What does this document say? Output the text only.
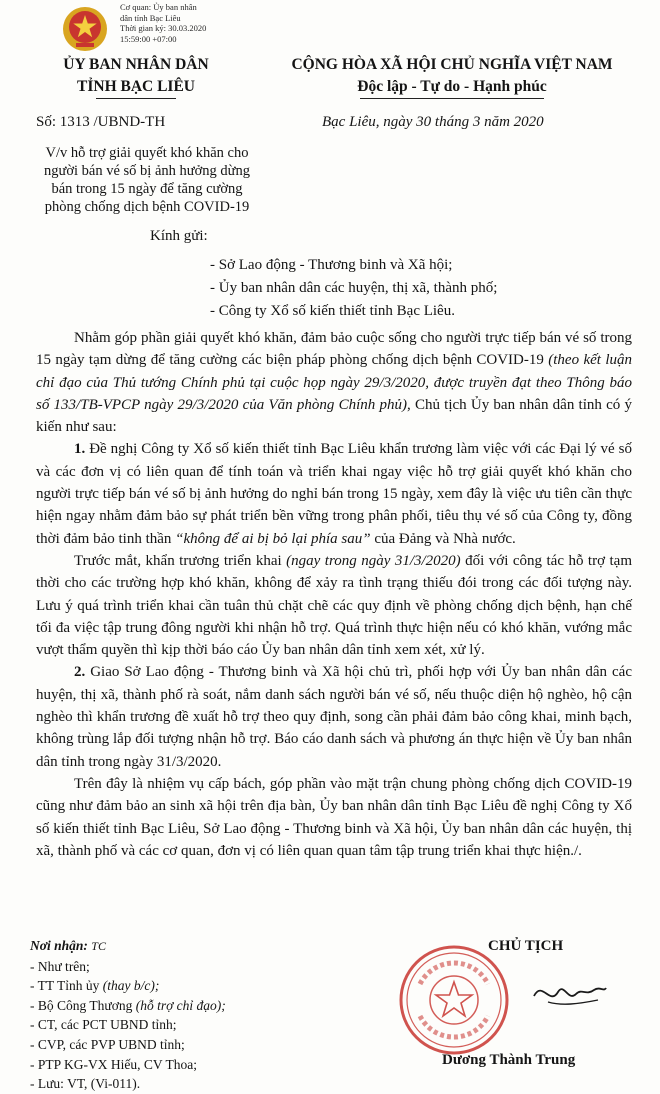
Cơ quan: Ủy ban nhân
dân tỉnh Bạc Liêu
Thời gian ký: 30.03.2020
15:59:00 +07:00
ỦY BAN NHÂN DÂN
TỈNH BẠC LIÊU
CỘNG HÒA XÃ HỘI CHỦ NGHĨA VIỆT NAM
Độc lập - Tự do - Hạnh phúc
Số: 1313 /UBND-TH	Bạc Liêu, ngày 30 tháng 3 năm 2020
V/v hỗ trợ giải quyết khó khăn cho
người bán vé số bị ảnh hưởng dừng
bán trong 15 ngày để tăng cường
phòng chống dịch bệnh COVID-19
Kính gửi:
- Sở Lao động - Thương binh và Xã hội;
- Ủy ban nhân dân các huyện, thị xã, thành phố;
- Công ty Xổ số kiến thiết tỉnh Bạc Liêu.

Nhằm góp phần giải quyết khó khăn, đảm bảo cuộc sống cho người trực tiếp bán vé số trong 15 ngày tạm dừng để tăng cường các biện pháp phòng chống dịch bệnh COVID-19 (theo kết luận chỉ đạo của Thủ tướng Chính phủ tại cuộc họp ngày 29/3/2020, được truyền đạt theo Thông báo số 133/TB-VPCP ngày 29/3/2020 của Văn phòng Chính phủ), Chủ tịch Ủy ban nhân dân tỉnh có ý kiến như sau:

1. Đề nghị Công ty Xổ số kiến thiết tỉnh Bạc Liêu khẩn trương làm việc với các Đại lý vé số và các đơn vị có liên quan để tính toán và triển khai ngay việc hỗ trợ giải quyết khó khăn cho người trực tiếp bán vé số bị ảnh hưởng do nghỉ bán trong 15 ngày, xem đây là việc ưu tiên cần thực hiện ngay nhằm đảm bảo sự phát triển bền vững trong phân phối, tiêu thụ vé số của Công ty, đồng thời đảm bảo tinh thần “không để ai bị bỏ lại phía sau” của Đảng và Nhà nước.

Trước mắt, khẩn trương triển khai (ngay trong ngày 31/3/2020) đối với công tác hỗ trợ tạm thời cho các trường hợp khó khăn, không để xảy ra tình trạng thiếu đói trong các đối tượng này. Lưu ý quá trình triển khai cần tuân thủ chặt chẽ các quy định về phòng chống dịch bệnh, hạn chế tối đa việc tập trung đông người khi nhận hỗ trợ. Quá trình thực hiện nếu có khó khăn, vướng mắc vượt thẩm quyền thì kịp thời báo cáo Ủy ban nhân dân tỉnh xem xét, xử lý.

2. Giao Sở Lao động - Thương binh và Xã hội chủ trì, phối hợp với Ủy ban nhân dân các huyện, thị xã, thành phố rà soát, nắm danh sách người bán vé số, nếu thuộc diện hộ nghèo, hộ cận nghèo thì khẩn trương đề xuất hỗ trợ theo quy định, song cần phải đảm bảo công khai, minh bạch, không trùng lắp đối tượng nhận hỗ trợ. Báo cáo danh sách và phương án thực hiện về Ủy ban nhân dân tỉnh trong ngày 31/3/2020.

Trên đây là nhiệm vụ cấp bách, góp phần vào mặt trận chung phòng chống dịch COVID-19 cũng như đảm bảo an sinh xã hội trên địa bàn, Ủy ban nhân dân tỉnh Bạc Liêu đề nghị Công ty Xổ số kiến thiết tỉnh Bạc Liêu, Sở Lao động - Thương binh và Xã hội, Ủy ban nhân dân các huyện, thị xã, thành phố và các cơ quan, đơn vị có liên quan quan tâm tập trung triển khai thực hiện./.

Nơi nhận: TC
- Như trên;
- TT Tỉnh ủy (thay b/c);
- Bộ Công Thương (hỗ trợ chỉ đạo);
- CT, các PCT UBND tỉnh;
- CVP, các PVP UBND tỉnh;
- PTP KG-VX Hiếu, CV Thoa;
- Lưu: VT, (Vi-011).
CHỦ TỊCH
Dương Thành Trung
